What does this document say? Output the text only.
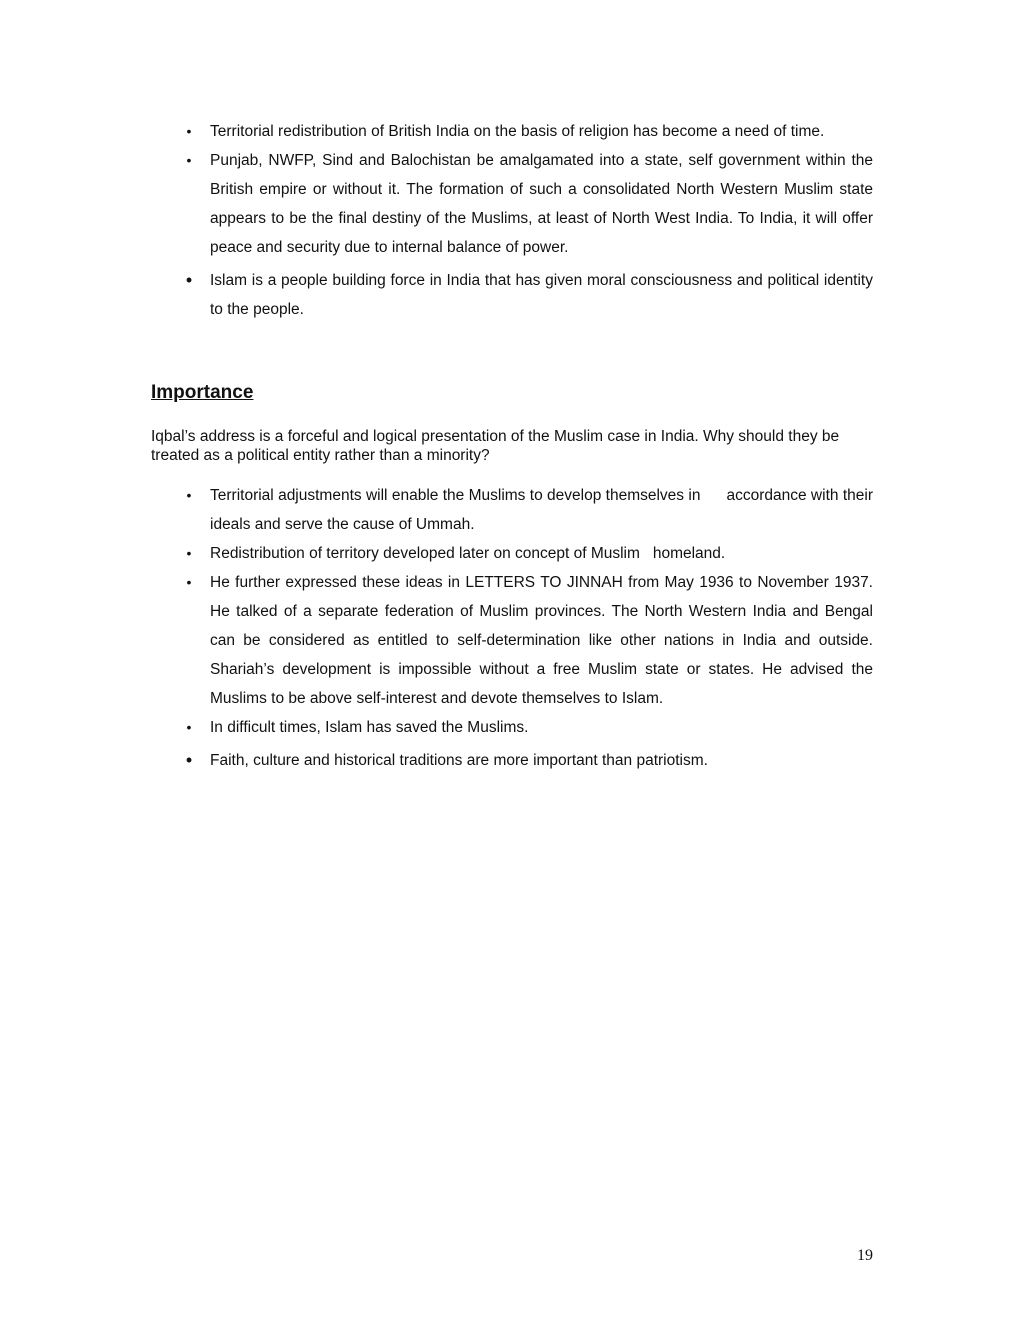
• Territorial redistribution of British India on the basis of religion has become a need of time.
• Punjab, NWFP, Sind and Balochistan be amalgamated into a state, self government within the British empire or without it. The formation of such a consolidated North Western Muslim state appears to be the final destiny of the Muslims, at least of North West India. To India, it will offer peace and security due to internal balance of power.
• Islam is a people building force in India that has given moral consciousness and political identity to the people.
Importance

Iqbal’s address is a forceful and logical presentation of the Muslim case in India. Why should they be treated as a political entity rather than a minority?

• Territorial adjustments will enable the Muslims to develop themselves in      accordance with their ideals and serve the cause of Ummah.
• Redistribution of territory developed later on concept of Muslim   homeland.
• He further expressed these ideas in LETTERS TO JINNAH from May 1936 to November 1937. He talked of a separate federation of Muslim provinces. The North Western India and Bengal can be considered as entitled to self-determination like other nations in India and outside. Shariah’s development is impossible without a free Muslim state or states. He advised the Muslims to be above self-interest and devote themselves to Islam.
• In difficult times, Islam has saved the Muslims.
• Faith, culture and historical traditions are more important than patriotism.
19
